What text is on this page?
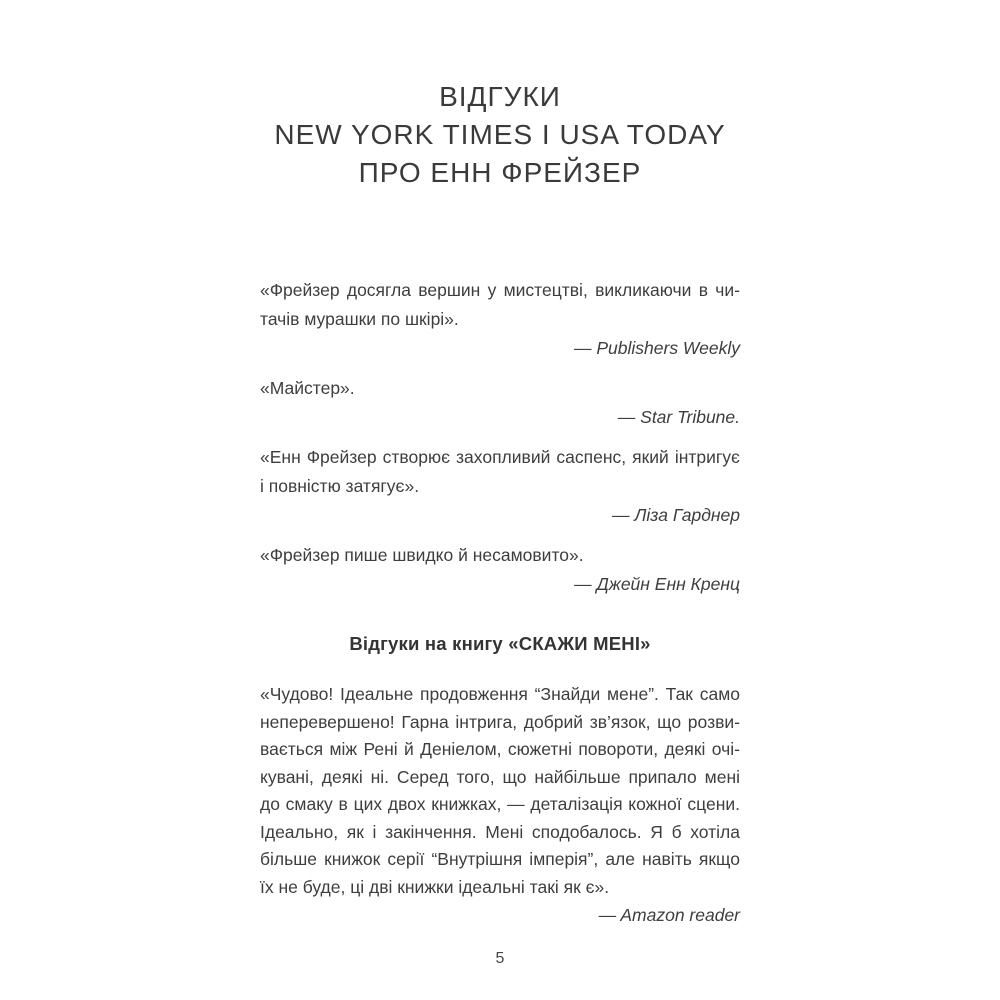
ВІДГУКИ
NEW YORK TIMES І USA TODAY
ПРО ЕНН ФРЕЙЗЕР
«Фрейзер досягла вершин у мистецтві, викликаючи в чи-
тачів мурашки по шкірі».
— Publishers Weekly
«Майстер».
— Star Tribune.
«Енн Фрейзер створює захопливий саспенс, який інтригує
і повністю затягує».
— Ліза Гарднер
«Фрейзер пише швидко й несамовито».
— Джейн Енн Кренц
Відгуки на книгу «СКАЖИ МЕНІ»
«Чудово! Ідеальне продовження “Знайди мене”. Так само
неперевершено! Гарна інтрига, добрий зв’язок, що розви-
вається між Рені й Деніелом, сюжетні повороти, деякі очі-
кувані, деякі ні. Серед того, що найбільше припало мені
до смаку в цих двох книжках, — деталізація кожної сцени.
Ідеально, як і закінчення. Мені сподобалось. Я б хотіла
більше книжок серії “Внутрішня імперія”, але навіть якщо
їх не буде, ці дві книжки ідеальні такі як є».
— Amazon reader
5
